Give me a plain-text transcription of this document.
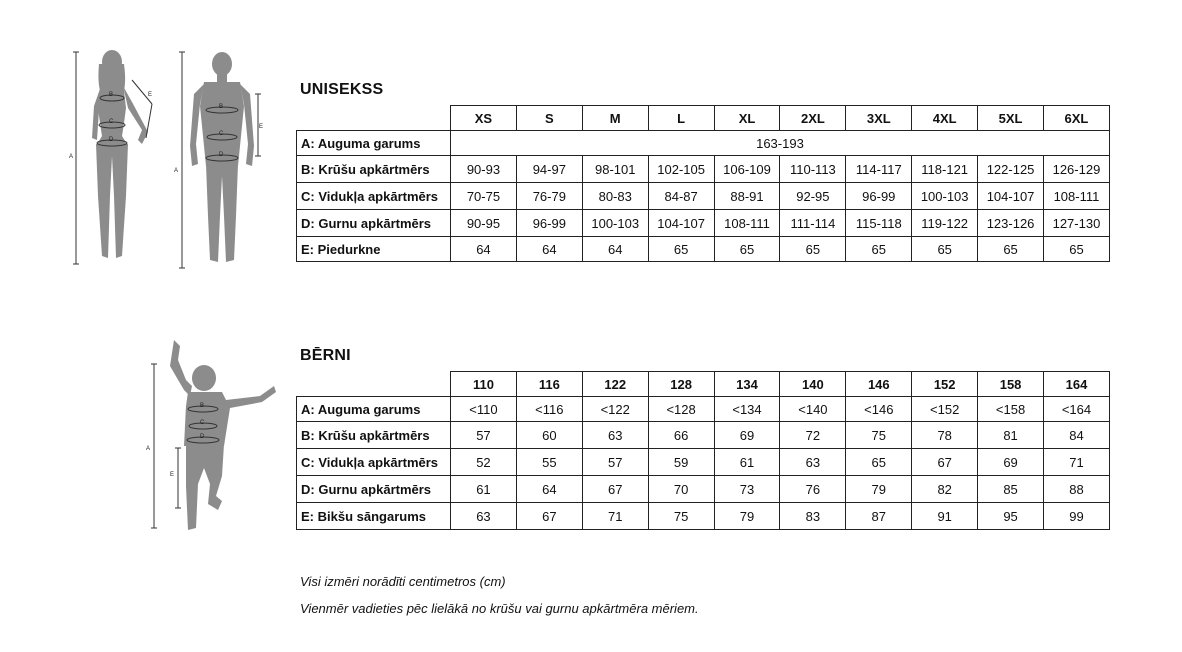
B
C
D
A
E
B
C
D
A
E
B
C
D
A
E
UNISEKSS
	XS	S	M	L	XL	2XL	3XL	4XL	5XL	6XL
A: Auguma garums	163-193									
B: Krūšu apkārtmērs	90-93	94-97	98-101	102-105	106-109	110-113	114-117	118-121	122-125	126-129
C: Vidukļa apkārtmērs	70-75	76-79	80-83	84-87	88-91	92-95	96-99	100-103	104-107	108-111
D: Gurnu apkārtmērs	90-95	96-99	100-103	104-107	108-111	111-114	115-118	119-122	123-126	127-130
E: Piedurkne	64	64	64	65	65	65	65	65	65	65
BĒRNI
	110	116	122	128	134	140	146	152	158	164
A: Auguma garums	<110	<116	<122	<128	<134	<140	<146	<152	<158	<164
B: Krūšu apkārtmērs	57	60	63	66	69	72	75	78	81	84
C: Vidukļa apkārtmērs	52	55	57	59	61	63	65	67	69	71
D: Gurnu apkārtmērs	61	64	67	70	73	76	79	82	85	88
E: Bikšu sāngarums	63	67	71	75	79	83	87	91	95	99
Visi izmēri norādīti centimetros (cm)
Vienmēr vadieties pēc lielākā no krūšu vai gurnu apkārtmēra mēriem.
